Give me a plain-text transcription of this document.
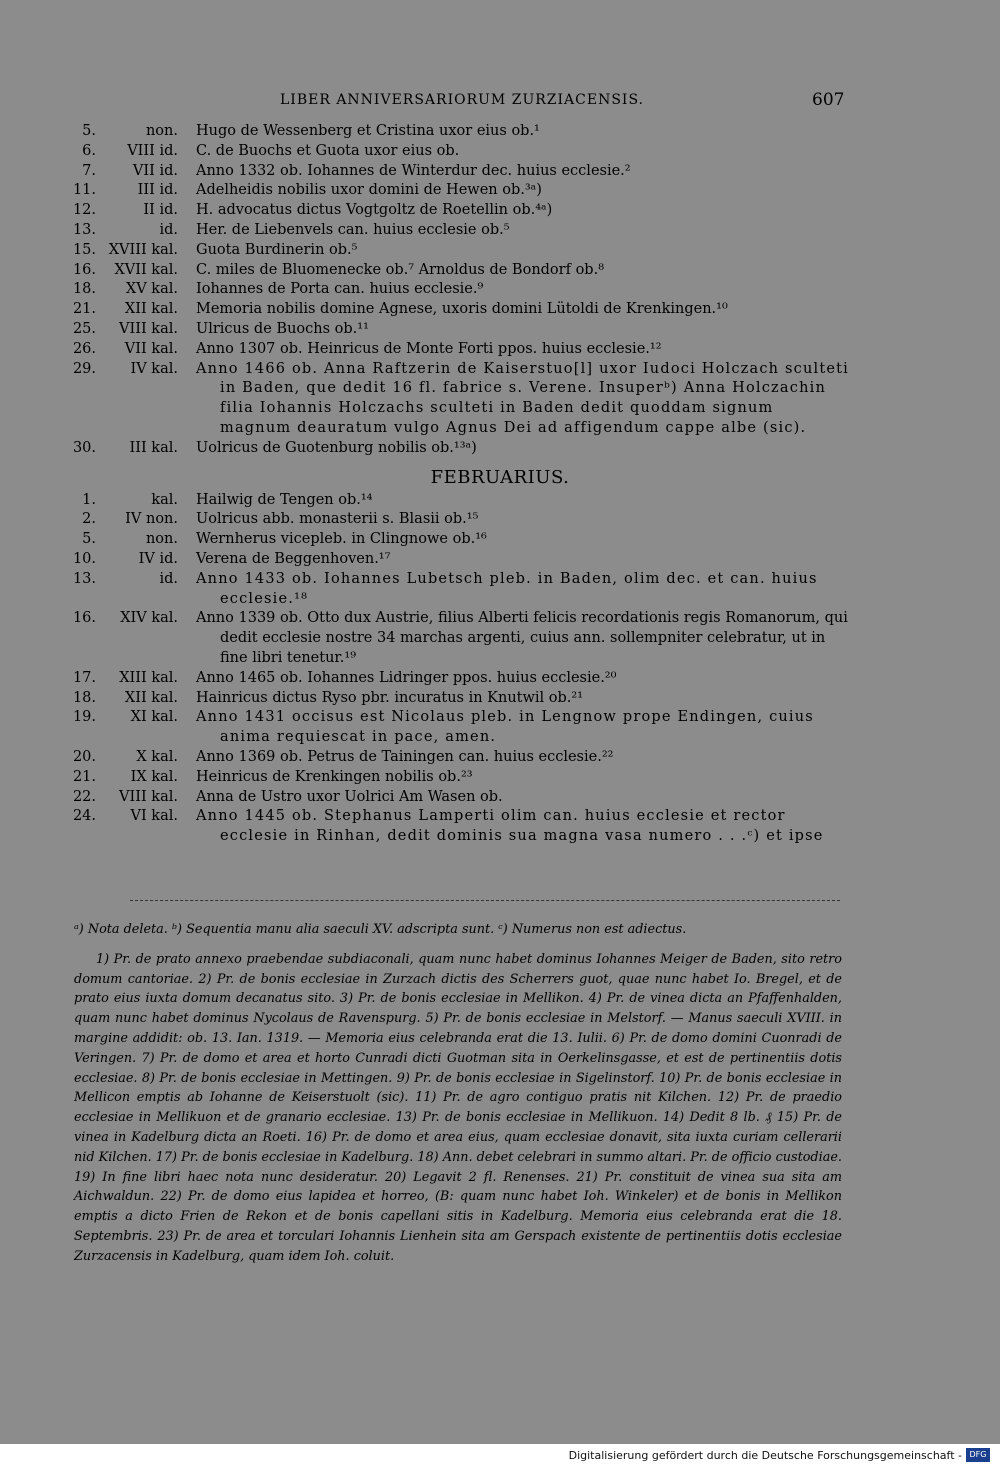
LIBER ANNIVERSARIORUM ZURZIACENSIS.	607
5.	non. Hugo de Wessenberg et Cristina uxor eius ob.¹
6.	VIII id. C. de Buochs et Guota uxor eius ob.
7.	VII id. Anno 1332 ob. Iohannes de Winterdur dec. huius ecclesie.²
11.	III id. Adelheidis nobilis uxor domini de Hewen ob.³ᵃ)
12.	II id. H. advocatus dictus Vogtgoltz de Roetellin ob.⁴ᵃ)
13.	id. Her. de Liebenvels can. huius ecclesie ob.⁵
15. XVIII kal. Guota Burdinerin ob.⁵
16.	XVII kal. C. miles de Bluomenecke ob.⁷ Arnoldus de Bondorf ob.⁸
18.	XV kal. Iohannes de Porta can. huius ecclesie.⁹
21.	XII kal. Memoria nobilis domine Agnese, uxoris domini Lütoldi de Krenkingen.¹⁰
25.	VIII kal. Ulricus de Buochs ob.¹¹
26.	VII kal. Anno 1307 ob. Heinricus de Monte Forti ppos. huius ecclesie.¹²
29.	IV kal. Anno 1466 ob. Anna Raftzerin de Kaiserstuo[l] uxor Iudoci Holczach sculteti in Baden, que dedit 16 fl. fabrice s. Verene. Insuperᵇ) Anna Holczachin filia Iohannis Holczachs sculteti in Baden dedit quoddam signum magnum deauratum vulgo Agnus Dei ad affigendum cappe albe (sic).
30.	III kal. Uolricus de Guotenburg nobilis ob.¹³ᵃ)
FEBRUARIUS.
1.	kal. Hailwig de Tengen ob.¹⁴
2.	IV non. Uolricus abb. monasterii s. Blasii ob.¹⁵
5.	non. Wernherus vicepleb. in Clingnowe ob.¹⁶
10.	IV id. Verena de Beggenhoven.¹⁷
13.	id. Anno 1433 ob. Iohannes Lubetsch pleb. in Baden, olim dec. et can. huius ecclesie.¹⁸
16.	XIV kal. Anno 1339 ob. Otto dux Austrie, filius Alberti felicis recordationis regis Romanorum, qui dedit ecclesie nostre 34 marchas argenti, cuius ann. sollempniter celebratur, ut in fine libri tenetur.¹⁹
17.	XIII kal. Anno 1465 ob. Iohannes Lidringer ppos. huius ecclesie.²⁰
18.	XII kal. Hainricus dictus Ryso pbr. incuratus in Knutwil ob.²¹
19.	XI kal. Anno 1431 occisus est Nicolaus pleb. in Lengnow prope Endingen, cuius anima requiescat in pace, amen.
20.	X kal. Anno 1369 ob. Petrus de Tainingen can. huius ecclesie.²²
21.	IX kal. Heinricus de Krenkingen nobilis ob.²³
22.	VIII kal. Anna de Ustro uxor Uolrici Am Wasen ob.
24.	VI kal. Anno 1445 ob. Stephanus Lamperti olim can. huius ecclesie et rector ecclesie in Rinhan, dedit dominis sua magna vasa numero . . .ᶜ) et ipse

ᵃ) Nota deleta. ᵇ) Sequentia manu alia saeculi XV. adscripta sunt. ᶜ) Numerus non est adiectus.

1) Pr. de prato annexo praebendae subdiaconali, quam nunc habet dominus Iohannes Meiger de Baden, sito retro domum cantoriae. 2) Pr. de bonis ecclesiae in Zurzach dictis des Scherrers guot, quae nunc habet Io. Bregel, et de prato eius iuxta domum decanatus sito. 3) Pr. de bonis ecclesiae in Mellikon. 4) Pr. de vinea dicta an Pfaffenhalden, quam nunc habet dominus Nycolaus de Ravenspurg. 5) Pr. de bonis ecclesiae in Melstorf. — Manus saeculi XVIII. in margine addidit: ob. 13. Ian. 1319. — Memoria eius celebranda erat die 13. Iulii. 6) Pr. de domo domini Cuonradi de Veringen. 7) Pr. de domo et area et horto Cunradi dicti Guotman sita in Oerkelinsgasse, et est de pertinentiis dotis ecclesiae. 8) Pr. de bonis ecclesiae in Mettingen. 9) Pr. de bonis ecclesiae in Sigelinstorf. 10) Pr. de bonis ecclesiae in Mellicon emptis ab Iohanne de Keiserstuolt (sic). 11) Pr. de agro contiguo pratis nit Kilchen. 12) Pr. de praedio ecclesiae in Mellikuon et de granario ecclesiae. 13) Pr. de bonis ecclesiae in Mellikuon. 14) Dedit 8 lb. ₰ 15) Pr. de vinea in Kadelburg dicta an Roeti. 16) Pr. de domo et area eius, quam ecclesiae donavit, sita iuxta curiam cellerarii nid Kilchen. 17) Pr. de bonis ecclesiae in Kadelburg. 18) Ann. debet celebrari in summo altari. Pr. de officio custodiae. 19) In fine libri haec nota nunc desideratur. 20) Legavit 2 fl. Renenses. 21) Pr. constituit de vinea sua sita am Aichwaldun. 22) Pr. de domo eius lapidea et horreo, (B: quam nunc habet Ioh. Winkeler) et de bonis in Mellikon emptis a dicto Frien de Rekon et de bonis capellani sitis in Kadelburg. Memoria eius celebranda erat die 18. Septembris. 23) Pr. de area et torculari Iohannis Lienhein sita am Gerspach existente de pertinentiis dotis ecclesiae Zurzacensis in Kadelburg, quam idem Ioh. coluit.

Digitalisierung gefördert durch die Deutsche Forschungsgemeinschaft - DFG
